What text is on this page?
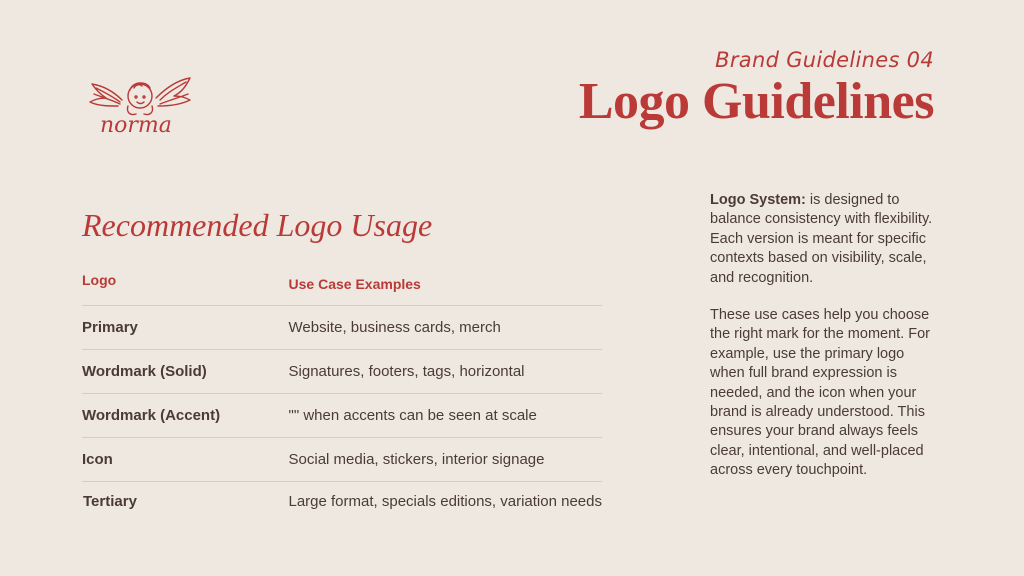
norma
Brand Guidelines 04
Logo Guidelines
Recommended Logo Usage
Logo	Use Case Examples
Primary	Website, business cards, merch
Wordmark (Solid)	Signatures, footers, tags, horizontal
Wordmark (Accent)	"" when accents can be seen at scale
Icon	Social media, stickers, interior signage
Tertiary	Large format, specials editions, variation needs

Logo System: is designed to balance consistency with flexibility. Each version is meant for specific contexts based on visibility, scale, and recognition.

These use cases help you choose the right mark for the moment. For example, use the primary logo when full brand expression is needed, and the icon when your brand is already understood. This ensures your brand always feels clear, intentional, and well-placed across every touchpoint.
